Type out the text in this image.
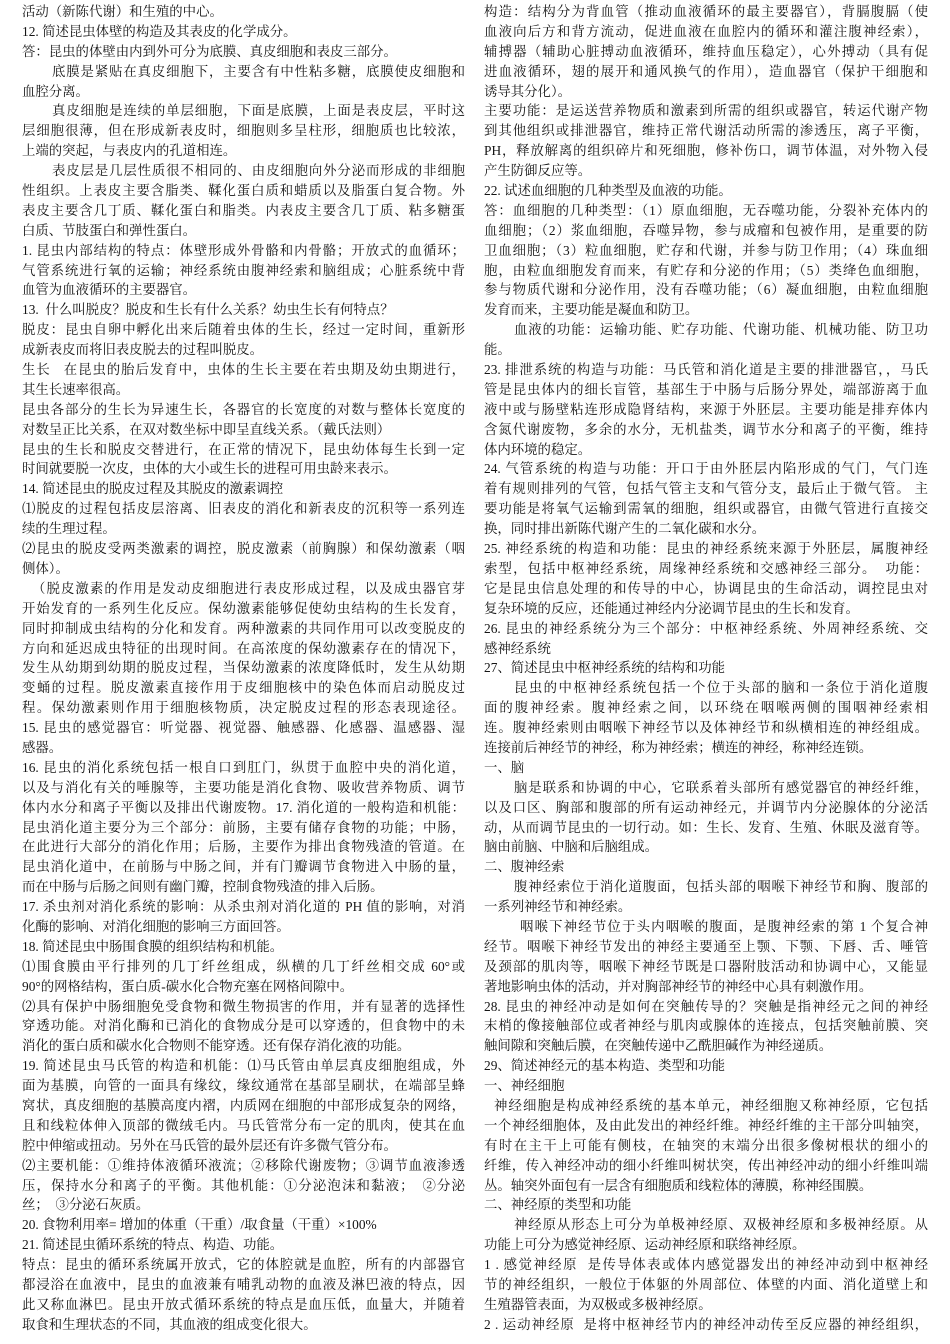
活动（新陈代谢）和生殖的中心。
12. 简述昆虫体壁的构造及其表皮的化学成分。
答：昆虫的体壁由内到外可分为底膜、真皮细胞和表皮三部分。
底膜是紧贴在真皮细胞下，主要含有中性粘多糖，底膜使皮细胞和
血腔分离。
真皮细胞是连续的单层细胞，下面是底膜，上面是表皮层，平时这
层细胞很薄，但在形成新表皮时，细胞则多呈柱形，细胞质也比较浓，
上端的突起，与表皮内的孔道相连。
表皮层是几层性质很不相同的、由皮细胞向外分泌而形成的非细胞
性组织。上表皮主要含脂类、鞣化蛋白质和蜡质以及脂蛋白复合物。外
表皮主要含几丁质、鞣化蛋白和脂类。内表皮主要含几丁质、粘多糖蛋
白质、节肢蛋白和弹性蛋白。
1. 昆虫内部结构的特点：体壁形成外骨骼和内骨骼；开放式的血循环；
气管系统进行氧的运输；神经系统由腹神经索和脑组成；心脏系统中背
血管为血液循环的主要器官。
13.  什么叫脱皮？脱皮和生长有什么关系？幼虫生长有何特点？
脱皮：昆虫自卵中孵化出来后随着虫体的生长，经过一定时间，重新形
成新表皮而将旧表皮脱去的过程叫脱皮。
生长   在昆虫的胎后发育中，虫体的生长主要在若虫期及幼虫期进行，
其生长速率很高。
昆虫各部分的生长为异速生长，各器官的长宽度的对数与整体长宽度的
对数呈正比关系，在双对数坐标中即呈直线关系。（戴氏法则）
昆虫的生长和脱皮交替进行，在正常的情况下，昆虫幼体每生长到一定
时间就要脱一次皮，虫体的大小或生长的进程可用虫龄来表示。
14. 简述昆虫的脱皮过程及其脱皮的激素调控
⑴脱皮的过程包括皮层溶离、旧表皮的消化和新表皮的沉积等一系列连
续的生理过程。
⑵昆虫的脱皮受两类激素的调控，脱皮激素（前胸腺）和保幼激素（咽
侧体）。
（脱皮激素的作用是发动皮细胞进行表皮形成过程，以及成虫器官芽
开始发育的一系列生化反应。保幼激素能够促使幼虫结构的生长发育，
同时抑制成虫结构的分化和发育。两种激素的共同作用可以改变脱皮的
方向和延迟成虫特征的出现时间。在高浓度的保幼激素存在的情况下，
发生从幼期到幼期的脱皮过程，当保幼激素的浓度降低时，发生从幼期
变蛹的过程。脱皮激素直接作用于皮细胞核中的染色体而启动脱皮过
程。保幼激素则作用于细胞核物质，决定脱皮过程的形态表现途径。
15. 昆虫的感觉器官：听觉器、视觉器、触感器、化感器、温感器、湿
感器。
16. 昆虫的消化系统包括一根自口到肛门，纵贯于血腔中央的消化道，
以及与消化有关的唾腺等，主要功能是消化食物、吸收营养物质、调节
体内水分和离子平衡以及排出代谢废物。17. 消化道的一般构造和机能：
昆虫消化道主要分为三个部分：前肠，主要有储存食物的功能；中肠，
在此进行大部分的消化作用；后肠，主要作为排出食物残渣的管道。在
昆虫消化道中，在前肠与中肠之间，并有门瓣调节食物进入中肠的量，
而在中肠与后肠之间则有幽门瓣，控制食物残渣的排入后肠。
17. 杀虫剂对消化系统的影响：从杀虫剂对消化道的 PH 值的影响，对消
化酶的影响、对消化细胞的影响三方面回答。
18. 简述昆虫中肠围食膜的组织结构和机能。
⑴围食膜由平行排列的几丁纤丝组成，纵横的几丁纤丝相交成 60°或
90°的网格结构，蛋白质-碳水化合物充塞在网格间隙中。
⑵具有保护中肠细胞免受食物和微生物损害的作用，并有显著的选择性
穿透功能。对消化酶和已消化的食物成分是可以穿透的，但食物中的未
消化的蛋白质和碳水化合物则不能穿透。还有保存消化液的功能。
19. 简述昆虫马氏管的构造和机能：⑴马氏管由单层真皮细胞组成，外
面为基膜，向管的一面具有缘纹，缘纹通常在基部呈刷状，在端部呈蜂
窝状，真皮细胞的基膜高度内褶，内质网在细胞的中部形成复杂的网络，
且和线粒体伸入顶部的微绒毛内。马氏管常分布一定的肌肉，使其在血
腔中伸缩或扭动。另外在马氏管的最外层还有许多微气管分布。
⑵主要机能：①维持体液循环液流；②移除代谢废物；③调节血液渗透
压，保持水分和离子的平衡。其他机能：①分泌泡沫和黏液；  ②分泌
丝；  ③分泌石灰质。
20. 食物利用率= 增加的体重（干重）/取食量（干重）×100%
21. 简述昆虫循环系统的特点、构造、功能。
特点：昆虫的循环系统属开放式，它的体腔就是血腔，所有的内部器官
都浸浴在血液中，昆虫的血液兼有哺乳动物的血液及淋巴液的特点，因
此又称血淋巴。昆虫开放式循环系统的特点是血压低，血量大，并随着
取食和生理状态的不同，其血液的组成变化很大。
构造：结构分为背血管（推动血液循环的最主要器官），背膈腹膈（使
血液向后方和背方流动，促进血液在血腔内的循环和灌注腹神经索），
辅搏器（辅助心脏搏动血液循环，维持血压稳定），心外搏动（具有促
进血液循环，翅的展开和通风换气的作用），造血器官（保护干细胞和
诱导其分化）。
主要功能：是运送营养物质和激素到所需的组织或器官，转运代谢产物
到其他组织或排泄器官，维持正常代谢活动所需的渗透压，离子平衡，
PH，释放解离的组织碎片和死细胞，修补伤口，调节体温，对外物入侵
产生防御反应等。
22. 试述血细胞的几种类型及血液的功能。
答：血细胞的几种类型：（1）原血细胞，无吞噬功能，分裂补充体内的
血细胞；（2）浆血细胞，吞噬异物，参与成瘤和包被作用，是重要的防
卫血细胞；（3）粒血细胞，贮存和代谢，并参与防卫作用；（4）珠血细
胞，由粒血细胞发育而来，有贮存和分泌的作用；（5）类绛色血细胞，
参与物质代谢和分泌作用，没有吞噬功能；（6）凝血细胞，由粒血细胞
发育而来，主要功能是凝血和防卫。
血液的功能：运输功能、贮存功能、代谢功能、机械功能、防卫功
能。
23. 排泄系统的构造与功能：马氏管和消化道是主要的排泄器官，，马氏
管是昆虫体内的细长盲管，基部生于中肠与后肠分界处，端部游离于血
液中或与肠壁粘连形成隐肾结构，来源于外胚层。主要功能是排弃体内
含氮代谢废物，多余的水分，无机盐类，调节水分和离子的平衡，维持
体内环境的稳定。
24. 气管系统的构造与功能：开口于由外胚层内陷形成的气门，气门连
着有规则排列的气管，包括气管主支和气管分支，最后止于微气管。 主
要功能是将氧气运输到需氧的细胞，组织或器官，由微气管进行直接交
换，同时排出新陈代谢产生的二氧化碳和水分。
25. 神经系统的构造和功能：昆虫的神经系统来源于外胚层，属腹神经
索型，包括中枢神经系统，周缘神经系统和交感神经三部分。  功能：
它是昆虫信息处理的和传导的中心，协调昆虫的生命活动，调控昆虫对
复杂环境的反应，还能通过神经内分泌调节昆虫的生长和发育。
26. 昆虫的神经系统分为三个部分：中枢神经系统、外周神经系统、交
感神经系统
27、简述昆虫中枢神经系统的结构和功能
昆虫的中枢神经系统包括一个位于头部的脑和一条位于消化道腹
面的腹神经索。腹神经索之间，以环绕在咽喉两侧的围咽神经索相
连。腹神经索则由咽喉下神经节以及体神经节和纵横相连的神经组成。
连接前后神经节的神经，称为神经索；横连的神经，称神经连锁。
一、脑
脑是联系和协调的中心，它联系着头部所有感觉器官的神经纤维，
以及口区、胸部和腹部的所有运动神经元，并调节内分泌腺体的分泌活
动，从而调节昆虫的一切行动。如：生长、发育、生殖、休眠及滋育等。
脑由前脑、中脑和后脑组成。
二、腹神经索
腹神经索位于消化道腹面，包括头部的咽喉下神经节和胸、腹部的
一系列神经节和神经索。
咽喉下神经节位于头内咽喉的腹面，是腹神经索的第 1 个复合神
经节。咽喉下神经节发出的神经主要通至上颚、下颚、下唇、舌、唾管
及颈部的肌肉等，咽喉下神经节既是口器附肢活动和协调中心，又能显
著地影响虫体的活动，并对胸部神经节的神经中心具有刺激作用。
28. 昆虫的神经冲动是如何在突触传导的？突触是指神经元之间的神经
末梢的像接触部位或者神经与肌肉或腺体的连接点，包括突触前膜、突
触间隙和突触后膜，在突触传递中乙酰胆碱作为神经递质。
29、简述神经元的基本构造、类型和功能
一、神经细胞
神经细胞是构成神经系统的基本单元，神经细胞又称神经原，它包括
一个神经细胞体，及由此发出的神经纤维。神经纤维的主干部分叫轴突，
有时在主干上可能有侧枝，在轴突的末端分出很多像树根状的细小的
纤维，传入神经冲动的细小纤维叫树状突，传出神经冲动的细小纤维叫端
丛。轴突外面包有一层含有细胞质和线粒体的薄膜，称神经围膜。
二、神经原的类型和功能
神经原从形态上可分为单极神经原、双极神经原和多极神经原。从
功能上可分为感觉神经原、运动神经原和联络神经原。
1 . 感觉神经原  是传导体表或体内感觉器发出的神经冲动到中枢神经
节的神经组织，一般位于体躯的外周部位、体壁的内面、消化道壁上和
生殖器管表面，为双极或多极神经原。
2 . 运动神经原  是将中枢神经节内的神经冲动传至反应器的神经组织，
